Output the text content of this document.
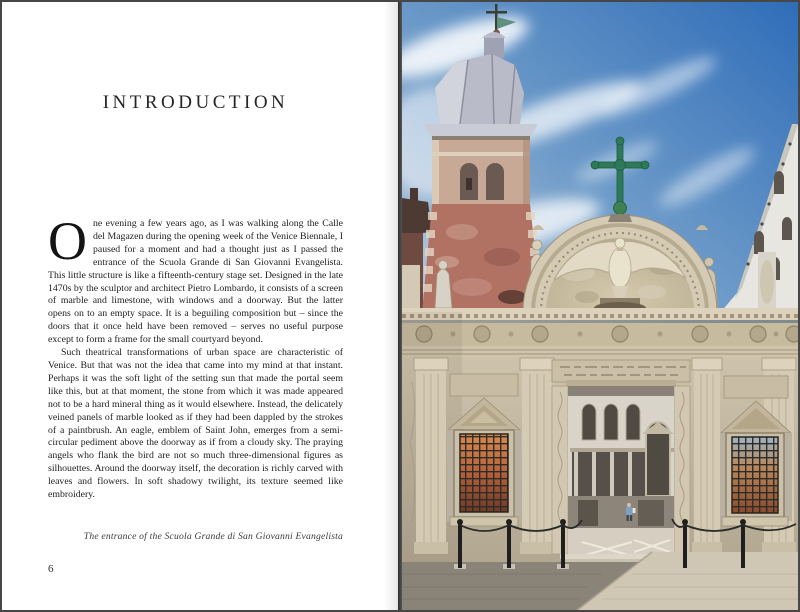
INTRODUCTION

One evening a few years ago, as I was walking along the Calle del Magazen during the opening week of the Venice Biennale, I paused for a moment and had a thought just as I passed the entrance of the Scuola Grande di San Giovanni Evangelista. This little structure is like a fifteenth-century stage set. Designed in the late 1470s by the sculptor and architect Pietro Lombardo, it consists of a screen of marble and limestone, with windows and a doorway. But the latter opens on to an empty space. It is a beguiling composition but – since the doors that it once held have been removed – serves no useful purpose except to form a frame for the small courtyard beyond.

Such theatrical transformations of urban space are characteristic of Venice. But that was not the idea that came into my mind at that instant. Perhaps it was the soft light of the setting sun that made the portal seem like this, but at that moment, the stone from which it was made appeared not to be a hard mineral thing as it would elsewhere. Instead, the delicately veined panels of marble looked as if they had been dappled by the strokes of a paintbrush. An eagle, emblem of Saint John, emerges from a semi-circular pediment above the doorway as if from a cloudy sky. The praying angels who flank the bird are not so much three-dimensional figures as silhouettes. Around the doorway itself, the decoration is richly carved with leaves and flowers. In soft shadowy twilight, its texture seemed like embroidery.

The entrance of the Scuola Grande di San Giovanni Evangelista
6
